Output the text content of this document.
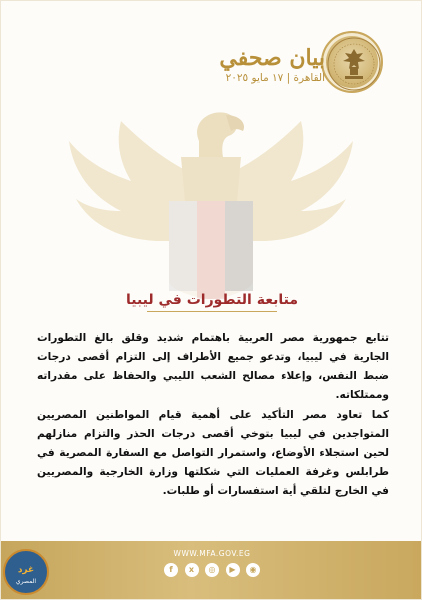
بيان صحفي
القاهرة | ١٧ مايو ٢٠٢٥
متابعة التطورات في ليبيا

تتابع جمهورية مصر العربية باهتمام شديد وقلق بالغ التطورات الجارية في ليبيا، وتدعو جميع الأطراف إلى التزام أقصى درجات ضبط النفس، وإعلاء مصالح الشعب الليبي والحفاظ على مقدراته وممتلكاته.

كما تعاود مصر التأكيد على أهمية قيام المواطنين المصريين المتواجدين في ليبيا بتوخي أقصى درجات الحذر والتزام منازلهم لحين استجلاء الأوضاع، واستمرار التواصل مع السفارة المصرية في طرابلس وغرفة العمليات التي شكلتها وزارة الخارجية والمصريين في الخارج لتلقي أية استفسارات أو طلبات.

WWW.MFA.GOV.EG
f	x	◎	▶	◉
غرد
المصري
